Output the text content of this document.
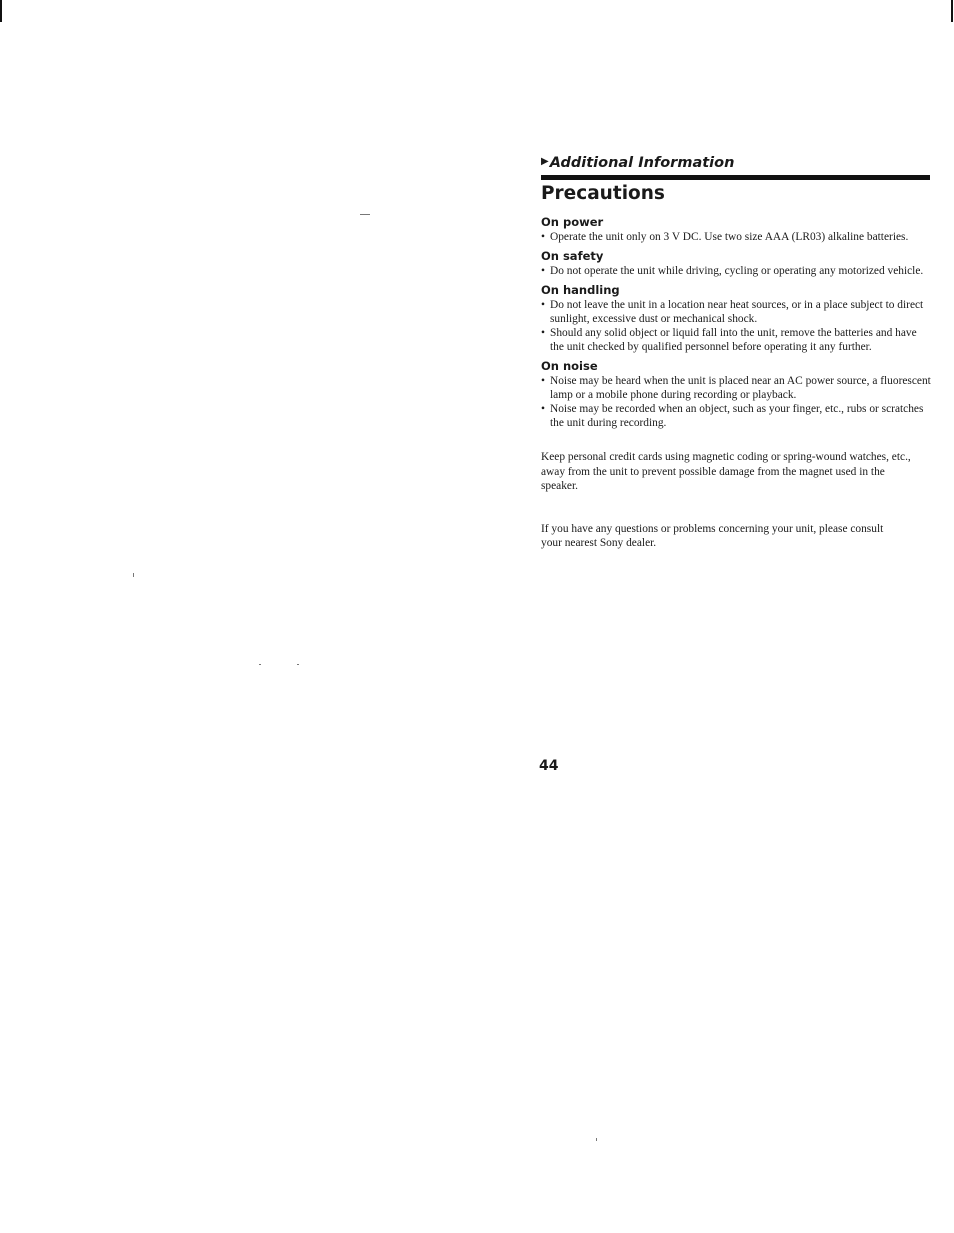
▶ Additional Information
Precautions
On power
• Operate the unit only on 3 V DC. Use two size AAA (LR03) alkaline batteries.
On safety
• Do not operate the unit while driving, cycling or operating any motorized vehicle.
On handling
• Do not leave the unit in a location near heat sources, or in a place subject to direct sunlight, excessive dust or mechanical shock.
• Should any solid object or liquid fall into the unit, remove the batteries and have the unit checked by qualified personnel before operating it any further.
On noise
• Noise may be heard when the unit is placed near an AC power source, a fluorescent lamp or a mobile phone during recording or playback.
• Noise may be recorded when an object, such as your finger, etc., rubs or scratches the unit during recording.

Keep personal credit cards using magnetic coding or spring-wound watches, etc., away from the unit to prevent possible damage from the magnet used in the speaker.

If you have any questions or problems concerning your unit, please consult your nearest Sony dealer.

44
